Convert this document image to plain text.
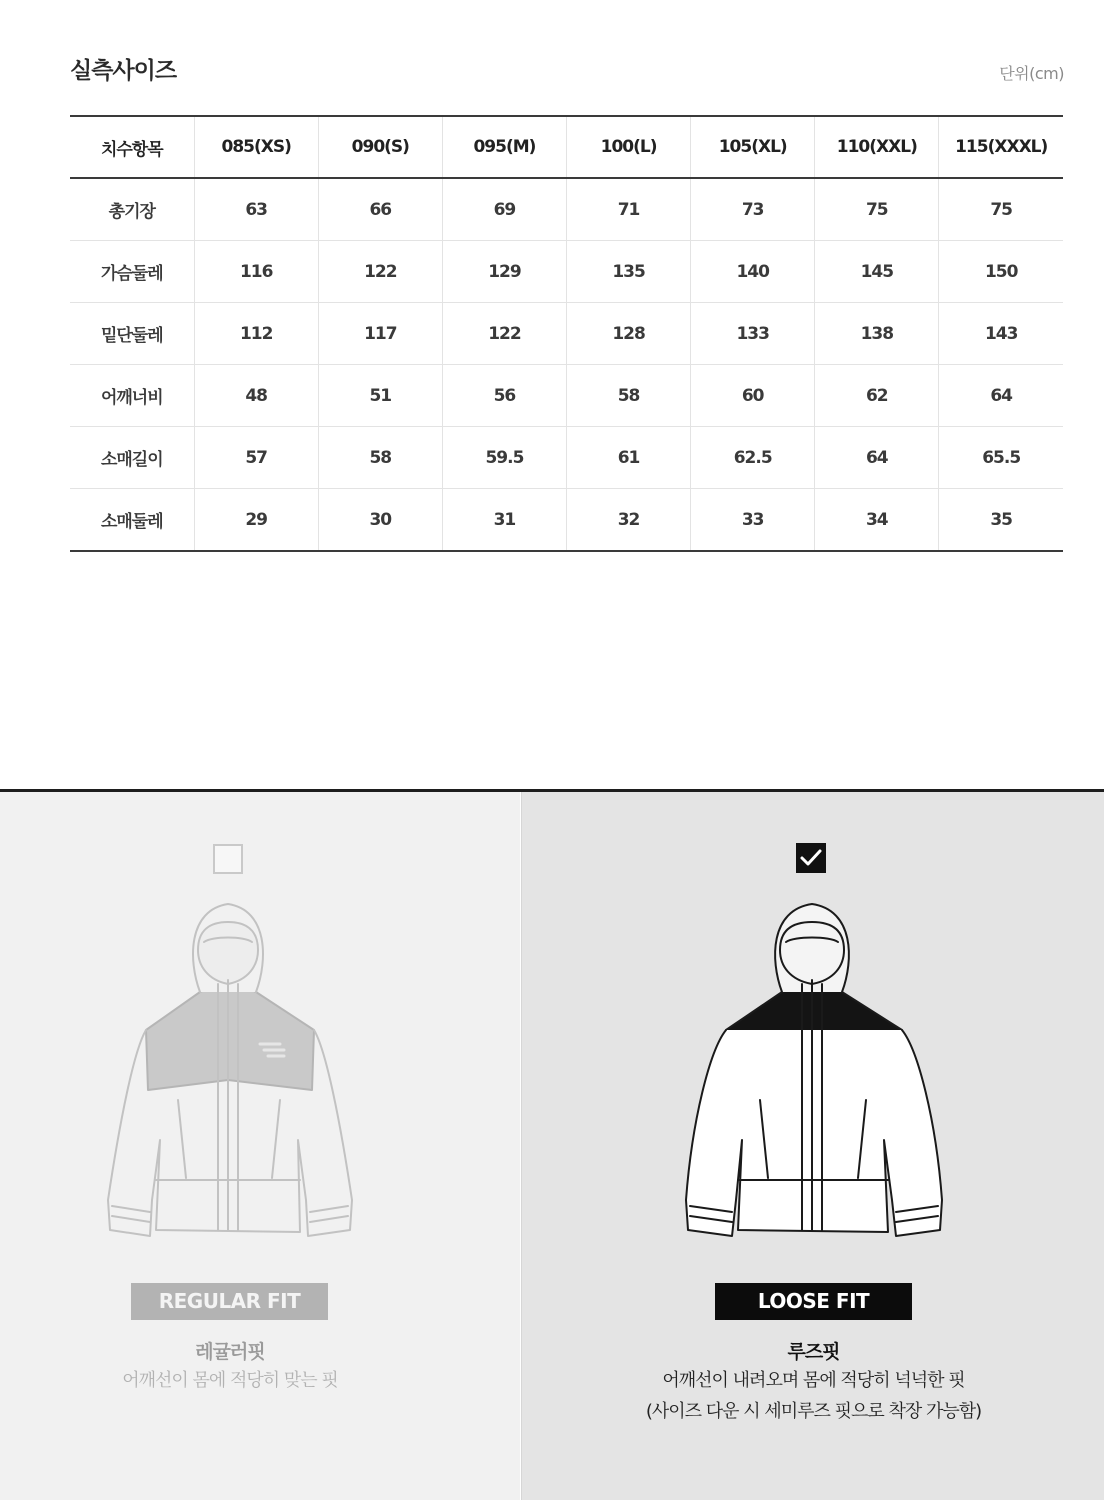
실측사이즈	단위(cm)
치수항목	085(XS)	090(S)	095(M)	100(L)	105(XL)	110(XXL)	115(XXXL)
총기장	63	66	69	71	73	75	75
가슴둘레	116	122	129	135	140	145	150
밑단둘레	112	117	122	128	133	138	143
어깨너비	48	51	56	58	60	62	64
소매길이	57	58	59.5	61	62.5	64	65.5
소매둘레	29	30	31	32	33	34	35
REGULAR FIT
레귤러핏
어깨선이 몸에 적당히 맞는 핏
LOOSE FIT
루즈핏
어깨선이 내려오며 몸에 적당히 넉넉한 핏
(사이즈 다운 시 세미루즈 핏으로 착장 가능함)
